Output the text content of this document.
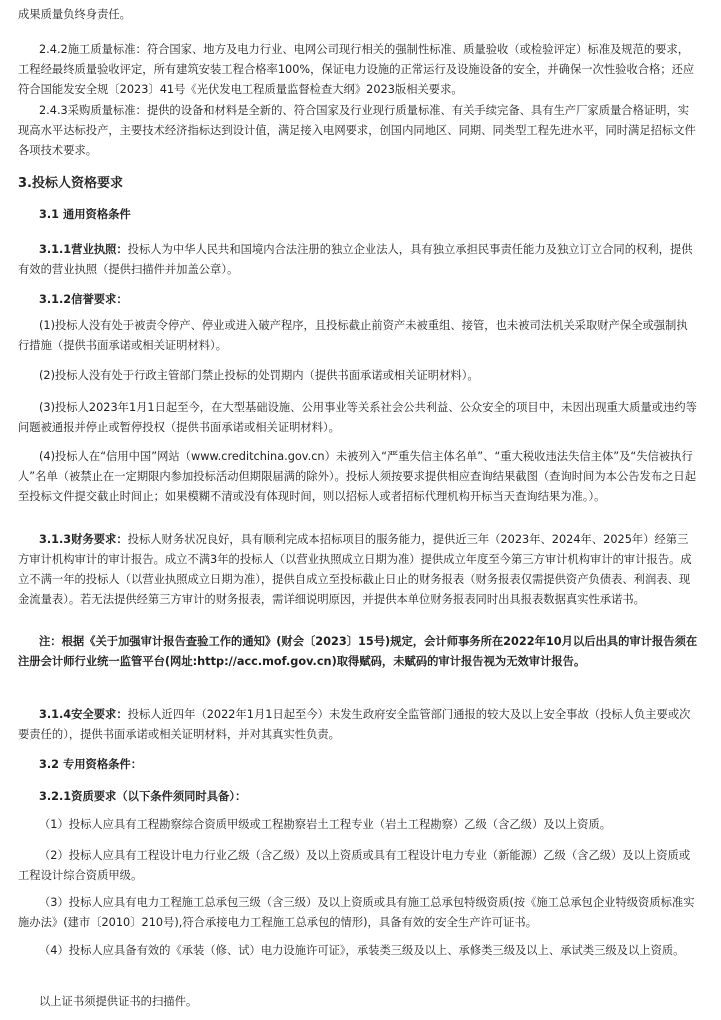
成果质量负终身责任。

2.4.2施工质量标准：符合国家、地方及电力行业、电网公司现行相关的强制性标准、质量验收（或检验评定）标准及规范的要求，工程经最终质量验收评定，所有建筑安装工程合格率100%，保证电力设施的正常运行及设施设备的安全，并确保一次性验收合格；还应符合国能发安全规〔2023〕41号《光伏发电工程质量监督检查大纲》2023版相关要求。

2.4.3采购质量标准：提供的设备和材料是全新的、符合国家及行业现行质量标准、有关手续完备、具有生产厂家质量合格证明，实现高水平达标投产，主要技术经济指标达到设计值，满足接入电网要求，创国内同地区、同期、同类型工程先进水平，同时满足招标文件各项技术要求。

3.投标人资格要求

3.1 通用资格条件

3.1.1营业执照：投标人为中华人民共和国境内合法注册的独立企业法人，具有独立承担民事责任能力及独立订立合同的权利，提供有效的营业执照（提供扫描件并加盖公章）。

3.1.2信誉要求：

(1)投标人没有处于被责令停产、停业或进入破产程序，且投标截止前资产未被重组、接管，也未被司法机关采取财产保全或强制执行措施（提供书面承诺或相关证明材料）。

(2)投标人没有处于行政主管部门禁止投标的处罚期内（提供书面承诺或相关证明材料）。

(3)投标人2023年1月1日起至今，在大型基础设施、公用事业等关系社会公共利益、公众安全的项目中，未因出现重大质量或违约等问题被通报并停止或暂停投权（提供书面承诺或相关证明材料）。

(4)投标人在“信用中国”网站（www.creditchina.gov.cn）未被列入“严重失信主体名单”、“重大税收违法失信主体”及“失信被执行人”名单（被禁止在一定期限内参加投标活动但期限届满的除外）。投标人须按要求提供相应查询结果截图（查询时间为本公告发布之日起至投标文件提交截止时间止；如果模糊不清或没有体现时间，则以招标人或者招标代理机构开标当天查询结果为准。）。

3.1.3财务要求：投标人财务状况良好，具有顺利完成本招标项目的服务能力，提供近三年（2023年、2024年、2025年）经第三方审计机构审计的审计报告。成立不满3年的投标人（以营业执照成立日期为准）提供成立年度至今第三方审计机构审计的审计报告。成立不满一年的投标人（以营业执照成立日期为准），提供自成立至投标截止日止的财务报表（财务报表仅需提供资产负债表、利润表、现金流量表）。若无法提供经第三方审计的财务报表，需详细说明原因，并提供本单位财务报表同时出具报表数据真实性承诺书。

注：根据《关于加强审计报告查验工作的通知》(财会〔2023〕15号)规定，会计师事务所在2022年10月以后出具的审计报告须在注册会计师行业统一监管平台(网址:http://acc.mof.gov.cn)取得赋码，未赋码的审计报告视为无效审计报告。

3.1.4安全要求：投标人近四年（2022年1月1日起至今）未发生政府安全监管部门通报的较大及以上安全事故（投标人负主要或次要责任的），提供书面承诺或相关证明材料，并对其真实性负责。

3.2 专用资格条件：

3.2.1资质要求（以下条件须同时具备）：

（1）投标人应具有工程勘察综合资质甲级或工程勘察岩土工程专业（岩土工程勘察）乙级（含乙级）及以上资质。

（2）投标人应具有工程设计电力行业乙级（含乙级）及以上资质或具有工程设计电力专业（新能源）乙级（含乙级）及以上资质或工程设计综合资质甲级。

（3）投标人应具有电力工程施工总承包三级（含三级）及以上资质或具有施工总承包特级资质(按《施工总承包企业特级资质标准实施办法》(建市〔2010〕210号),符合承接电力工程施工总承包的情形)，具备有效的安全生产许可证书。

（4）投标人应具备有效的《承装（修、试）电力设施许可证》，承装类三级及以上、承修类三级及以上、承试类三级及以上资质。

以上证书须提供证书的扫描件。
